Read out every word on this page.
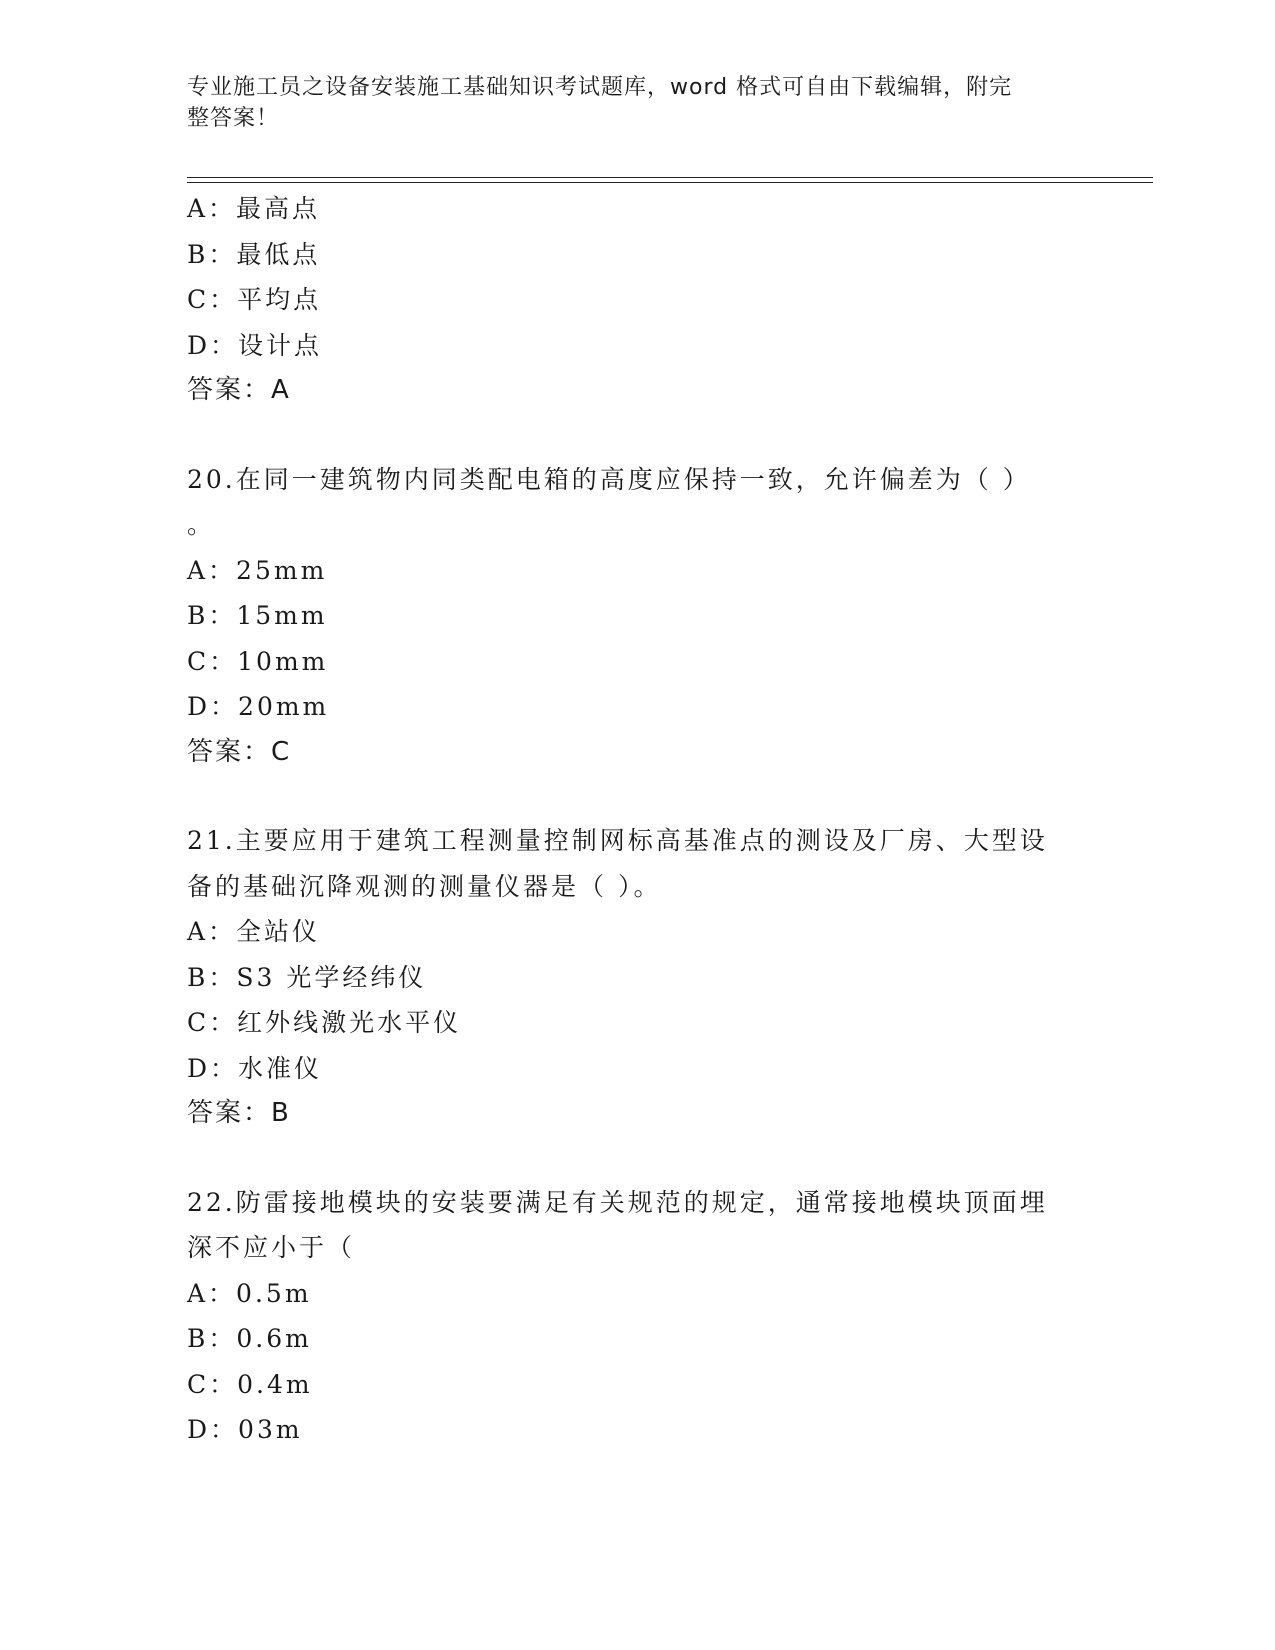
专业施工员之设备安装施工基础知识考试题库，word 格式可自由下载编辑，附完
整答案！
A：最高点
B：最低点
C：平均点
D：设计点
答案：A
20.在同一建筑物内同类配电箱的高度应保持一致，允许偏差为（ ）
。
A：25mm
B：15mm
C：10mm
D：20mm
答案：C
21.主要应用于建筑工程测量控制网标高基准点的测设及厂房、大型设
备的基础沉降观测的测量仪器是（ ）。
A：全站仪
B：S3 光学经纬仪
C：红外线激光水平仪
D：水准仪
答案：B
22.防雷接地模块的安装要满足有关规范的规定，通常接地模块顶面埋
深不应小于（
A：0.5m
B：0.6m
C：0.4m
D：03m
